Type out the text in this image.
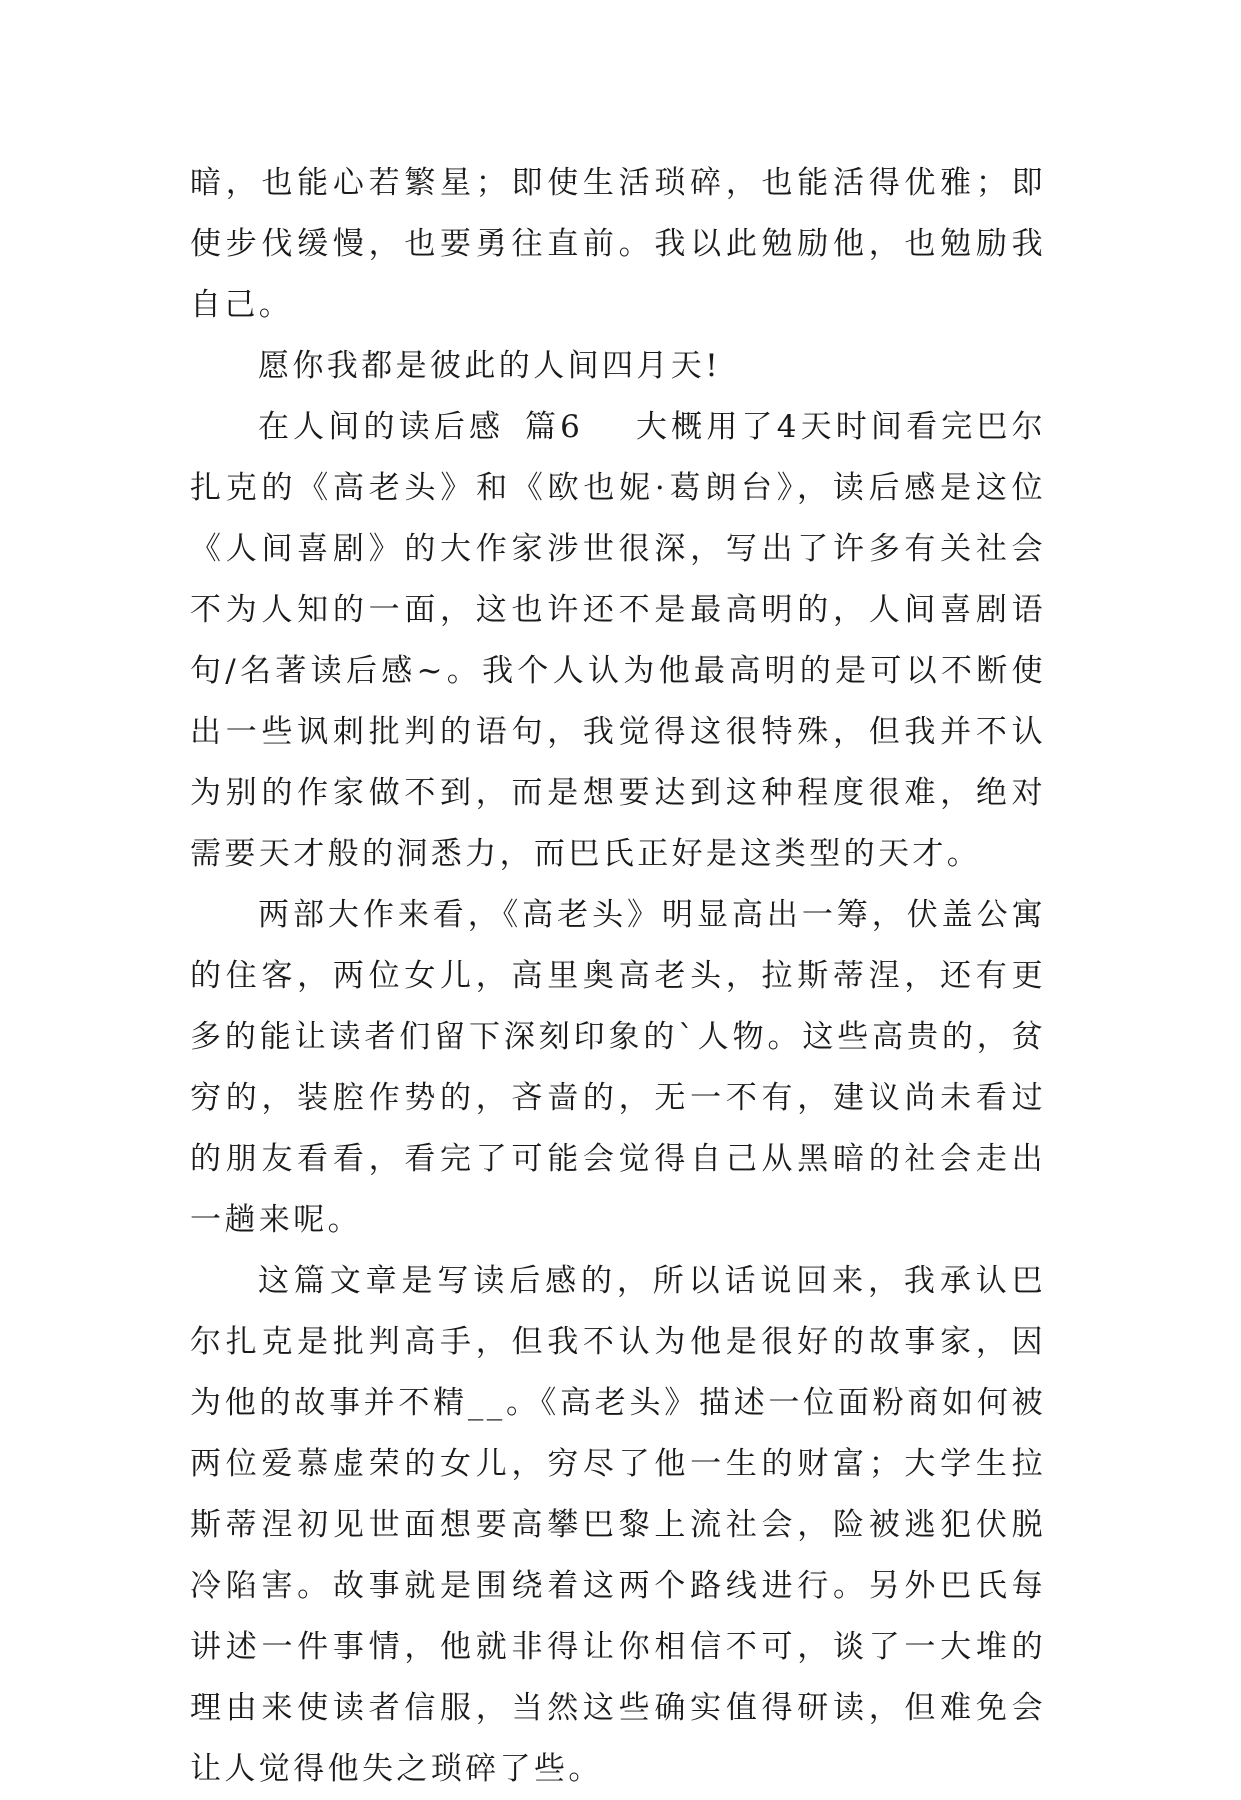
暗，也能心若繁星；即使生活琐碎，也能活得优雅；即使步伐缓慢，也要勇往直前。我以此勉励他，也勉励我自己。

愿你我都是彼此的人间四月天!

在人间的读后感 篇6 大概用了4天时间看完巴尔扎克的《高老头》和《欧也妮·葛朗台》，读后感是这位《人间喜剧》的大作家涉世很深，写出了许多有关社会不为人知的一面，这也许还不是最高明的，人间喜剧语句/名著读后感~。我个人认为他最高明的是可以不断使出一些讽刺批判的语句，我觉得这很特殊，但我并不认为别的作家做不到，而是想要达到这种程度很难，绝对需要天才般的洞悉力，而巴氏正好是这类型的天才。

两部大作来看，《高老头》明显高出一筹，伏盖公寓的住客，两位女儿，高里奥高老头，拉斯蒂涅，还有更多的能让读者们留下深刻印象的`人物。这些高贵的，贫穷的，装腔作势的，吝啬的，无一不有，建议尚未看过的朋友看看，看完了可能会觉得自己从黑暗的社会走出一趟来呢。

这篇文章是写读后感的，所以话说回来，我承认巴尔扎克是批判高手，但我不认为他是很好的故事家，因为他的故事并不精__。《高老头》描述一位面粉商如何被两位爱慕虚荣的女儿，穷尽了他一生的财富；大学生拉斯蒂涅初见世面想要高攀巴黎上流社会，险被逃犯伏脱冷陷害。故事就是围绕着这两个路线进行。另外巴氏每讲述一件事情，他就非得让你相信不可，谈了一大堆的理由来使读者信服，当然这些确实值得研读，但难免会让人觉得他失之琐碎了些。
